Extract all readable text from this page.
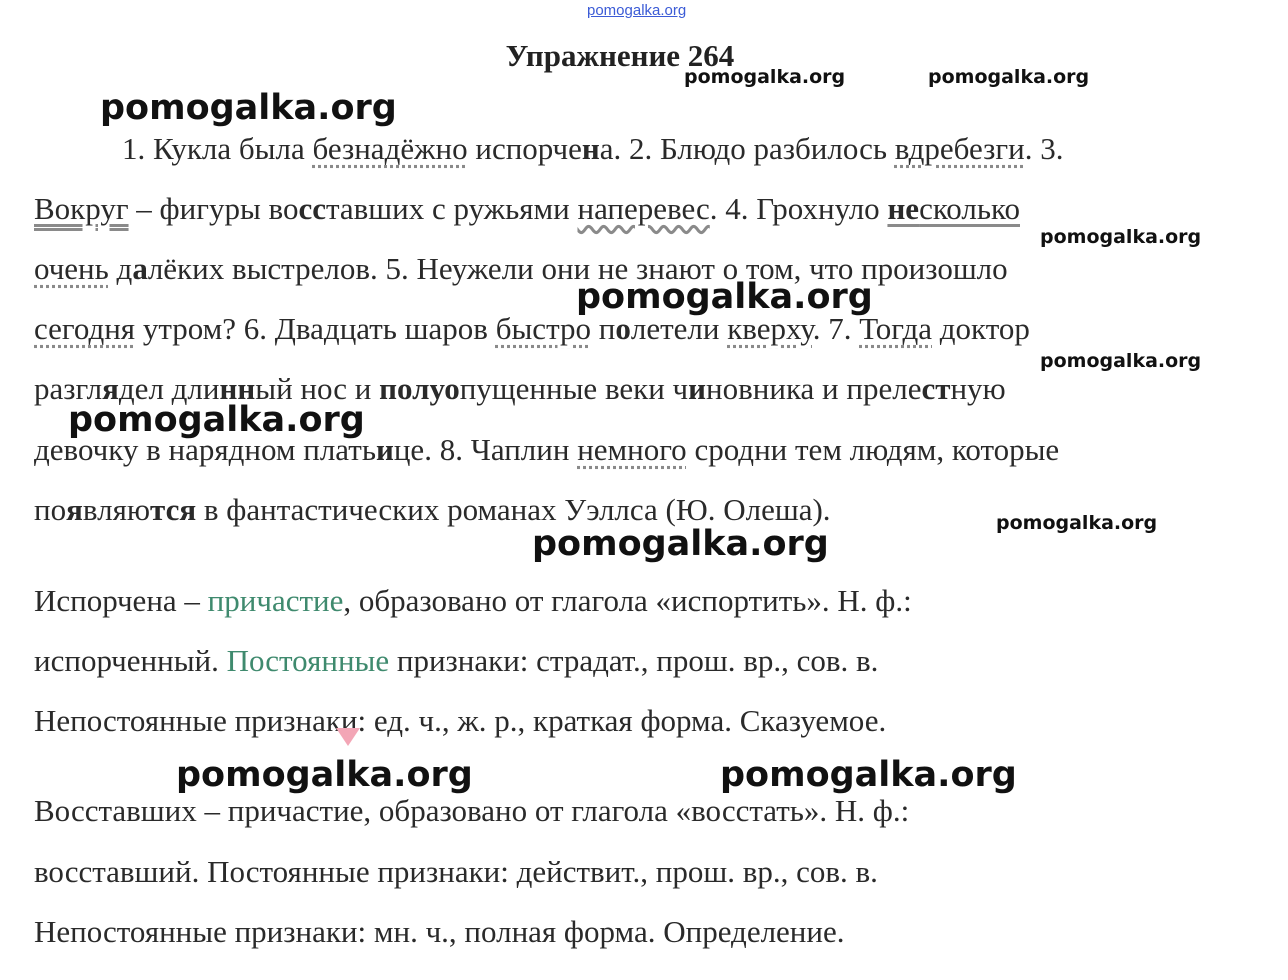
pomogalka.org
Упражнение 264
1. Кукла была безнадёжно испорчена. 2. Блюдо разбилось вдребезги. 3.
Вокруг – фигуры восставших с ружьями наперевес. 4. Грохнуло несколько
очень далёких выстрелов. 5. Неужели они не знают о том, что произошло
сегодня утром? 6. Двадцать шаров быстро полетели кверху. 7. Тогда доктор
разглядел длинный нос и полуопущенные веки чиновника и прелестную
девочку в нарядном платьице. 8. Чаплин немного сродни тем людям, которые
появляются в фантастических романах Уэллса (Ю. Олеша).
Испорчена – причастие, образовано от глагола «испортить». Н. ф.:
испорченный. Постоянные признаки: страдат., прош. вр., сов. в.
Непостоянные признаки: ед. ч., ж. р., краткая форма. Сказуемое.
Восставших – причастие, образовано от глагола «восстать». Н. ф.:
восставший. Постоянные признаки: действит., прош. вр., сов. в.
Непостоянные признаки: мн. ч., полная форма. Определение.
pomogalka.org
pomogalka.org	pomogalka.org
pomogalka.org
pomogalka.org
pomogalka.org
pomogalka.org
pomogalka.org
pomogalka.org
pomogalka.org	pomogalka.org
